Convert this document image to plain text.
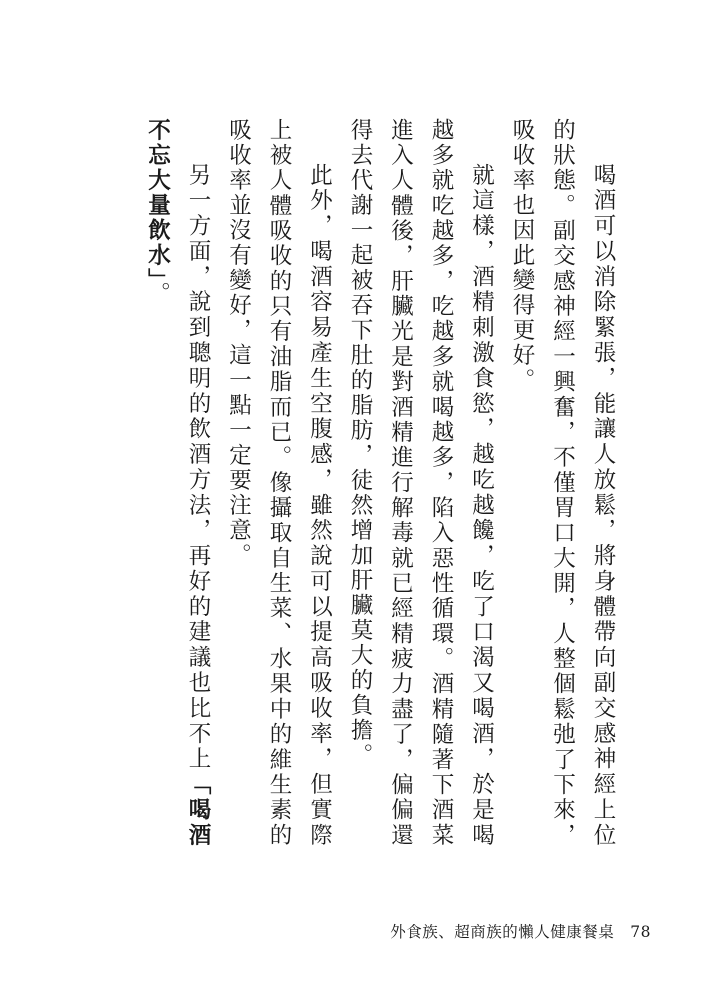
喝酒可以消除緊張，能讓人放鬆，將身體帶向副交感神經上位的狀態。副交感神經一興奮，不僅胃口大開，人整個鬆弛了下來，吸收率也因此變得更好。

就這樣，酒精刺激食慾，越吃越饞，吃了口渴又喝酒，於是喝越多就吃越多，吃越多就喝越多，陷入惡性循環。酒精隨著下酒菜進入人體後，肝臟光是對酒精進行解毒就已經精疲力盡了，偏偏還得去代謝一起被吞下肚的脂肪，徒然增加肝臟莫大的負擔。

此外，喝酒容易產生空腹感，雖然說可以提高吸收率，但實際上被人體吸收的只有油脂而已。像攝取自生菜、水果中的維生素的吸收率並沒有變好，這一點一定要注意。

另一方面，說到聰明的飲酒方法，再好的建議也比不上「喝酒不忘大量飲水」。

外食族、超商族的懶人健康餐桌 78
